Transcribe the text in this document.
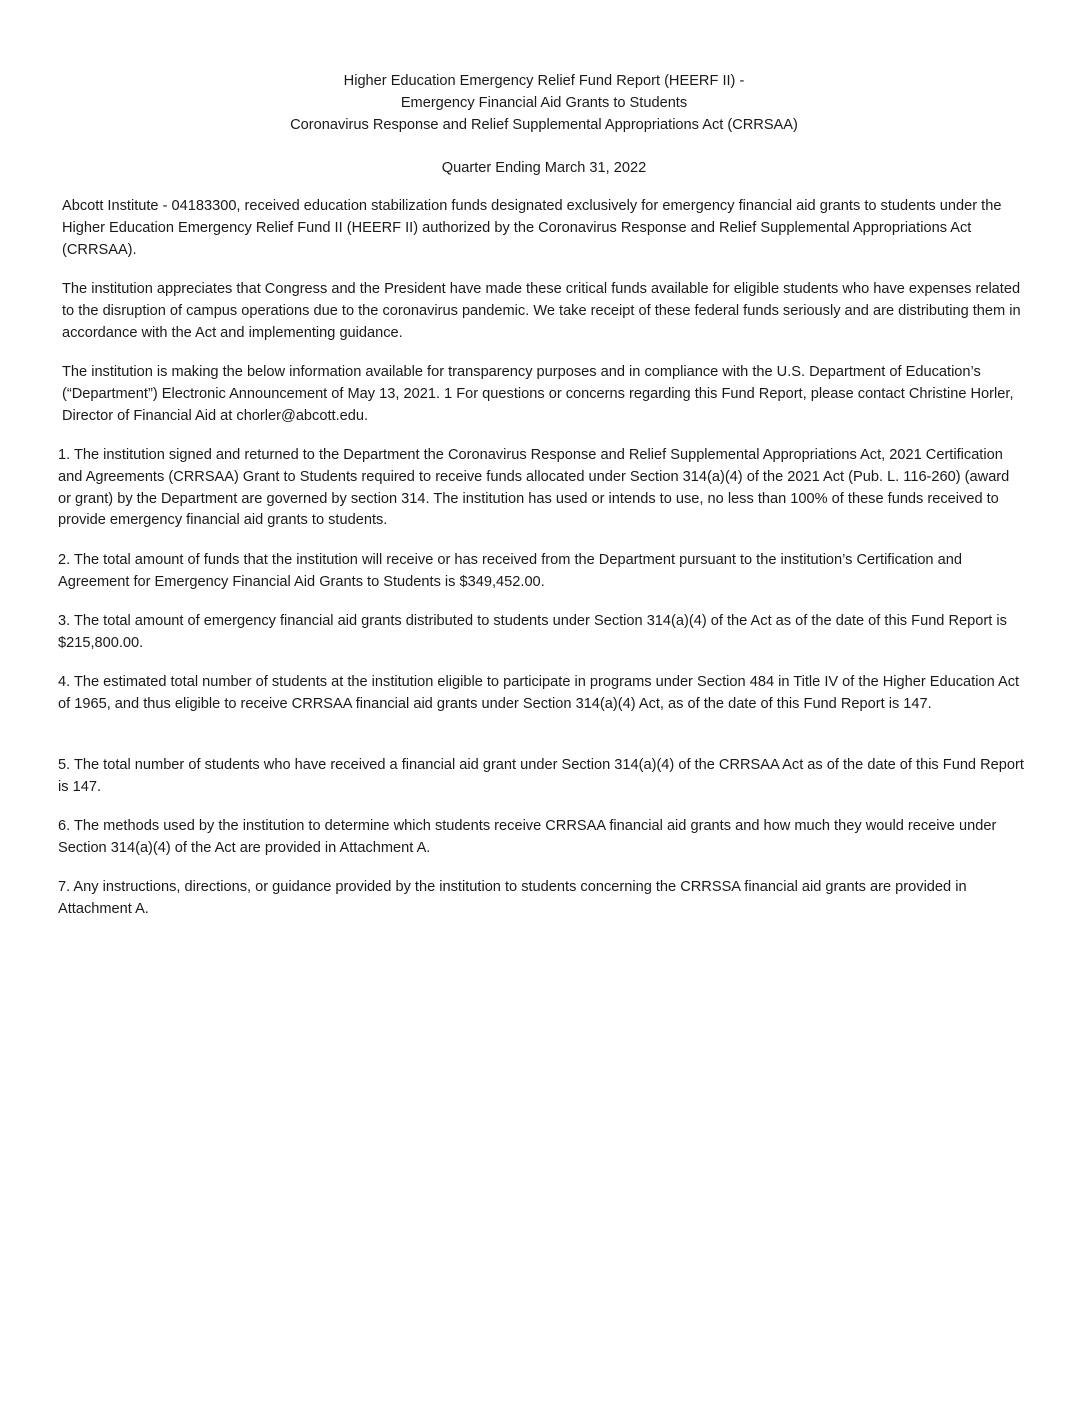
Higher Education Emergency Relief Fund Report (HEERF II) -
Emergency Financial Aid Grants to Students
Coronavirus Response and Relief Supplemental Appropriations Act (CRRSAA)
Quarter Ending March 31, 2022

Abcott Institute - 04183300, received education stabilization funds designated exclusively for emergency financial aid grants to students under the Higher Education Emergency Relief Fund II (HEERF II) authorized by the Coronavirus Response and Relief Supplemental Appropriations Act (CRRSAA).

The institution appreciates that Congress and the President have made these critical funds available for eligible students who have expenses related to the disruption of campus operations due to the coronavirus pandemic. We take receipt of these federal funds seriously and are distributing them in accordance with the Act and implementing guidance.

The institution is making the below information available for transparency purposes and in compliance with the U.S. Department of Education’s (“Department”) Electronic Announcement of May 13, 2021. 1 For questions or concerns regarding this Fund Report, please contact Christine Horler, Director of Financial Aid at chorler@abcott.edu.

1. The institution signed and returned to the Department the Coronavirus Response and Relief Supplemental Appropriations Act, 2021 Certification and Agreements (CRRSAA) Grant to Students required to receive funds allocated under Section 314(a)(4) of the 2021 Act (Pub. L. 116-260) (award or grant) by the Department are governed by section 314. The institution has used or intends to use, no less than 100% of these funds received to provide emergency financial aid grants to students.

2. The total amount of funds that the institution will receive or has received from the Department pursuant to the institution’s Certification and Agreement for Emergency Financial Aid Grants to Students is $349,452.00.

3. The total amount of emergency financial aid grants distributed to students under Section 314(a)(4) of the Act as of the date of this Fund Report is $215,800.00.

4. The estimated total number of students at the institution eligible to participate in programs under Section 484 in Title IV of the Higher Education Act of 1965, and thus eligible to receive CRRSAA financial aid grants under Section 314(a)(4) Act, as of the date of this Fund Report is 147.

5. The total number of students who have received a financial aid grant under Section 314(a)(4) of the CRRSAA Act as of the date of this Fund Report is 147.

6. The methods used by the institution to determine which students receive CRRSAA financial aid grants and how much they would receive under Section 314(a)(4) of the Act are provided in Attachment A.

7. Any instructions, directions, or guidance provided by the institution to students concerning the CRRSSA financial aid grants are provided in Attachment A.
